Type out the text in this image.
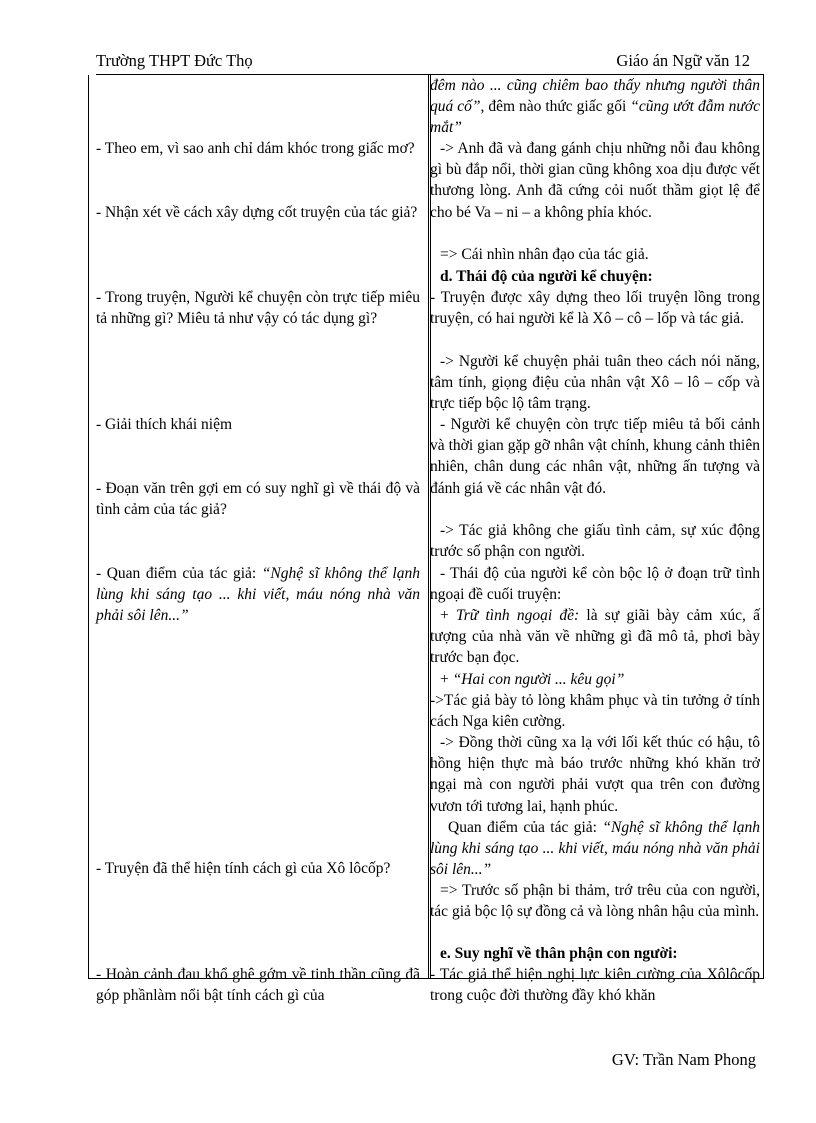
Trường THPT Đức Thọ	Giáo án Ngữ văn 12
- Theo em, vì sao anh chỉ dám khóc trong giấc mơ?
- Nhận xét về cách xây dựng cốt truyện của tác giả?
- Trong truyện, Người kể chuyện còn trực tiếp miêu tả những gì? Miêu tả như vậy có tác dụng gì?
- Giải thích khái niệm
- Đoạn văn trên gợi em có suy nghĩ gì về thái độ và tình cảm của tác giả?
- Quan điểm của tác giả: “Nghệ sĩ không thể lạnh lùng khi sáng tạo ... khi viết, máu nóng nhà văn phải sôi lên...”
- Truyện đã thể hiện tính cách gì của Xô lôcốp?
- Hoàn cảnh đau khổ ghê gớm về tinh thần cũng đã góp phầnlàm nổi bật tính cách gì của
đêm nào ... cũng chiêm bao thấy nhưng người thân quá cố”, đêm nào thức giấc gối “cũng ướt đẫm nước mắt”
-> Anh đã và đang gánh chịu những nỗi đau không gì bù đắp nổi, thời gian cũng không xoa dịu được vết thương lòng. Anh đã cứng cỏi nuốt thầm giọt lệ để cho bé Va – ni – a không phỉa khóc.
=> Cái nhìn nhân đạo của tác giả.
d. Thái độ của người kể chuyện:
- Truyện được xây dựng theo lối truyện lồng trong truyện, có hai người kể là Xô – cô – lốp và tác giả.
-> Người kể chuyện phải tuân theo cách nói năng, tâm tính, giọng điệu của nhân vật Xô – lô – cốp và trực tiếp bộc lộ tâm trạng.
- Người kể chuyện còn trực tiếp miêu tả bối cảnh và thời gian gặp gỡ nhân vật chính, khung cảnh thiên nhiên, chân dung các nhân vật, những ấn tượng và đánh giá về các nhân vật đó.
-> Tác giả không che giấu tình cảm, sự xúc động trước số phận con người.
- Thái độ của người kể còn bộc lộ ở đoạn trữ tình ngoại đề cuối truyện:
+ Trữ tình ngoại đề: là sự giãi bày cảm xúc, ấ tượng của nhà văn về những gì đã mô tả, phơi bày trước bạn đọc.
+ “Hai con người ... kêu gọi”
->Tác giả bày tỏ lòng khâm phục và tin tưởng ở tính cách Nga kiên cường.
-> Đồng thời cũng xa lạ với lối kết thúc có hậu, tô hồng hiện thực mà báo trước những khó khăn trở ngại mà con người phải vượt qua trên con đường vươn tới tương lai, hạnh phúc.
Quan điểm của tác giả: “Nghệ sĩ không thể lạnh lùng khi sáng tạo ... khi viết, máu nóng nhà văn phải sôi lên...”
=> Trước số phận bi thảm, trớ trêu của con người, tác giả bộc lộ sự đồng cả và lòng nhân hậu của mình.
e. Suy nghĩ về thân phận con người:
- Tác giả thể hiện nghị lực kiên cường của Xôlôcốp trong cuộc đời thường đầy khó khăn
GV: Trần Nam Phong
